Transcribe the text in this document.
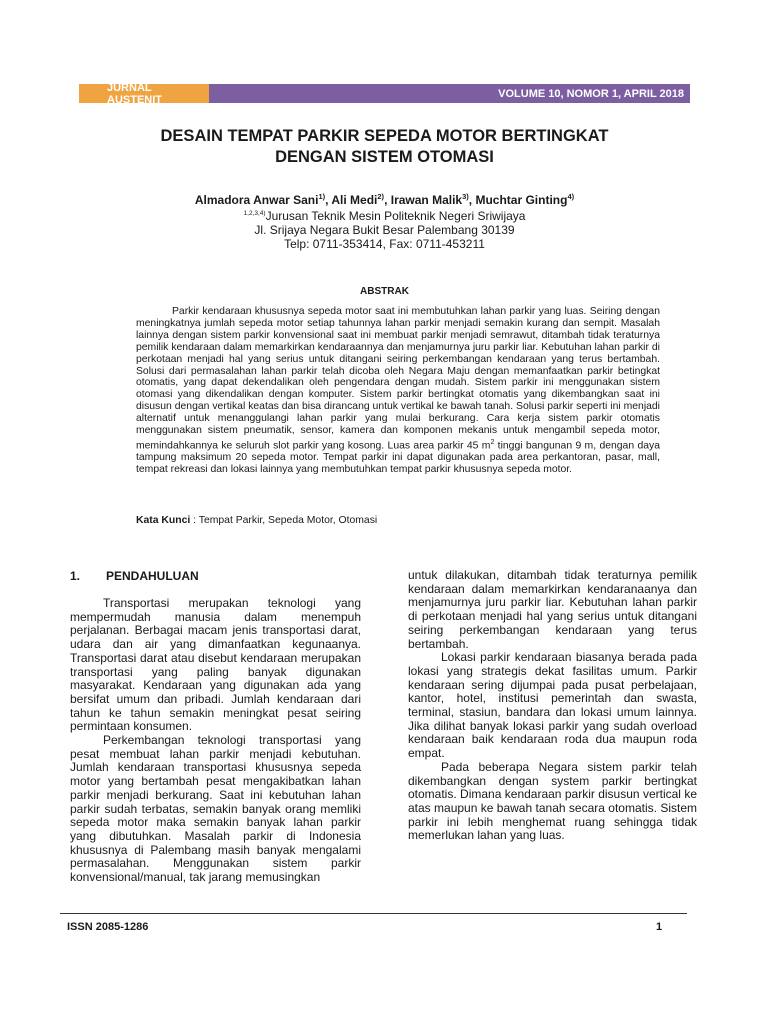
JURNAL AUSTENIT	VOLUME 10, NOMOR 1, APRIL 2018
DESAIN TEMPAT PARKIR SEPEDA MOTOR BERTINGKAT
DENGAN SISTEM OTOMASI
Almadora Anwar Sani$^{1)}$, Ali Medi$^{2)}$, Irawan Malik$^{3)}$, Muchtar Ginting$^{4)}$
$^{1,2,3,4)}$Jurusan Teknik Mesin Politeknik Negeri Sriwijaya
Jl. Srijaya Negara Bukit Besar Palembang 30139
Telp: 0711-353414, Fax: 0711-453211
ABSTRAK

Parkir kendaraan khususnya sepeda motor saat ini membutuhkan lahan parkir yang luas. Seiring dengan meningkatnya jumlah sepeda motor setiap tahunnya lahan parkir menjadi semakin kurang dan sempit. Masalah lainnya dengan sistem parkir konvensional saat ini membuat parkir menjadi semrawut, ditambah tidak teraturnya pemilik kendaraan dalam memarkirkan kendaraannya dan menjamurnya juru parkir liar. Kebutuhan lahan parkir di perkotaan menjadi hal yang serius untuk ditangani seiring perkembangan kendaraan yang terus bertambah. Solusi dari permasalahan lahan parkir telah dicoba oleh Negara Maju dengan memanfaatkan parkir betingkat otomatis, yang dapat dekendalikan oleh pengendara dengan mudah. Sistem parkir ini menggunakan sistem otomasi yang dikendalikan dengan komputer. Sistem parkir bertingkat otomatis yang dikembangkan saat ini disusun dengan vertikal keatas dan bisa dirancang untuk vertikal ke bawah tanah. Solusi parkir seperti ini menjadi alternatif untuk menanggulangi lahan parkir yang mulai berkurang. Cara kerja sistem parkir otomatis menggunakan sistem pneumatik, sensor, kamera dan komponen mekanis untuk mengambil sepeda motor, memindahkannya ke seluruh slot parkir yang kosong. Luas area parkir 45 $m^2$ tinggi bangunan 9 m, dengan daya tampung maksimum 20 sepeda motor. Tempat parkir ini dapat digunakan pada area perkantoran, pasar, mall, tempat rekreasi dan lokasi lainnya yang membutuhkan tempat parkir khususnya sepeda motor.

Kata Kunci : Tempat Parkir, Sepeda Motor, Otomasi
1.	PENDAHULUAN

Transportasi merupakan teknologi yang mempermudah manusia dalam menempuh perjalanan. Berbagai macam jenis transportasi darat, udara dan air yang dimanfaatkan kegunaanya. Transportasi darat atau disebut kendaraan merupakan transportasi yang paling banyak digunakan masyarakat. Kendaraan yang digunakan ada yang bersifat umum dan pribadi. Jumlah kendaraan dari tahun ke tahun semakin meningkat pesat seiring permintaan konsumen.

Perkembangan teknologi transportasi yang pesat membuat lahan parkir menjadi kebutuhan. Jumlah kendaraan transportasi khususnya sepeda motor yang bertambah pesat mengakibatkan lahan parkir menjadi berkurang. Saat ini kebutuhan lahan parkir sudah terbatas, semakin banyak orang memliki sepeda motor maka semakin banyak lahan parkir yang dibutuhkan. Masalah parkir di Indonesia khususnya di Palembang masih banyak mengalami permasalahan. Menggunakan sistem parkir konvensional/manual, tak jarang memusingkan

untuk dilakukan, ditambah tidak teraturnya pemilik kendaraan dalam memarkirkan kendaranaanya dan menjamurnya juru parkir liar. Kebutuhan lahan parkir di perkotaan menjadi hal yang serius untuk ditangani seiring perkembangan kendaraan yang terus bertambah.

Lokasi parkir kendaraan biasanya berada pada lokasi yang strategis dekat fasilitas umum. Parkir kendaraan sering dijumpai pada pusat perbelajaan, kantor, hotel, institusi pemerintah dan swasta, terminal, stasiun, bandara dan lokasi umum lainnya. Jika dilihat banyak lokasi parkir yang sudah overload kendaraan baik kendaraan roda dua maupun roda empat.

Pada beberapa Negara sistem parkir telah dikembangkan dengan system parkir bertingkat otomatis. Dimana kendaraan parkir disusun vertical ke atas maupun ke bawah tanah secara otomatis. Sistem parkir ini lebih menghemat ruang sehingga tidak memerlukan lahan yang luas.

ISSN 2085-1286	1
